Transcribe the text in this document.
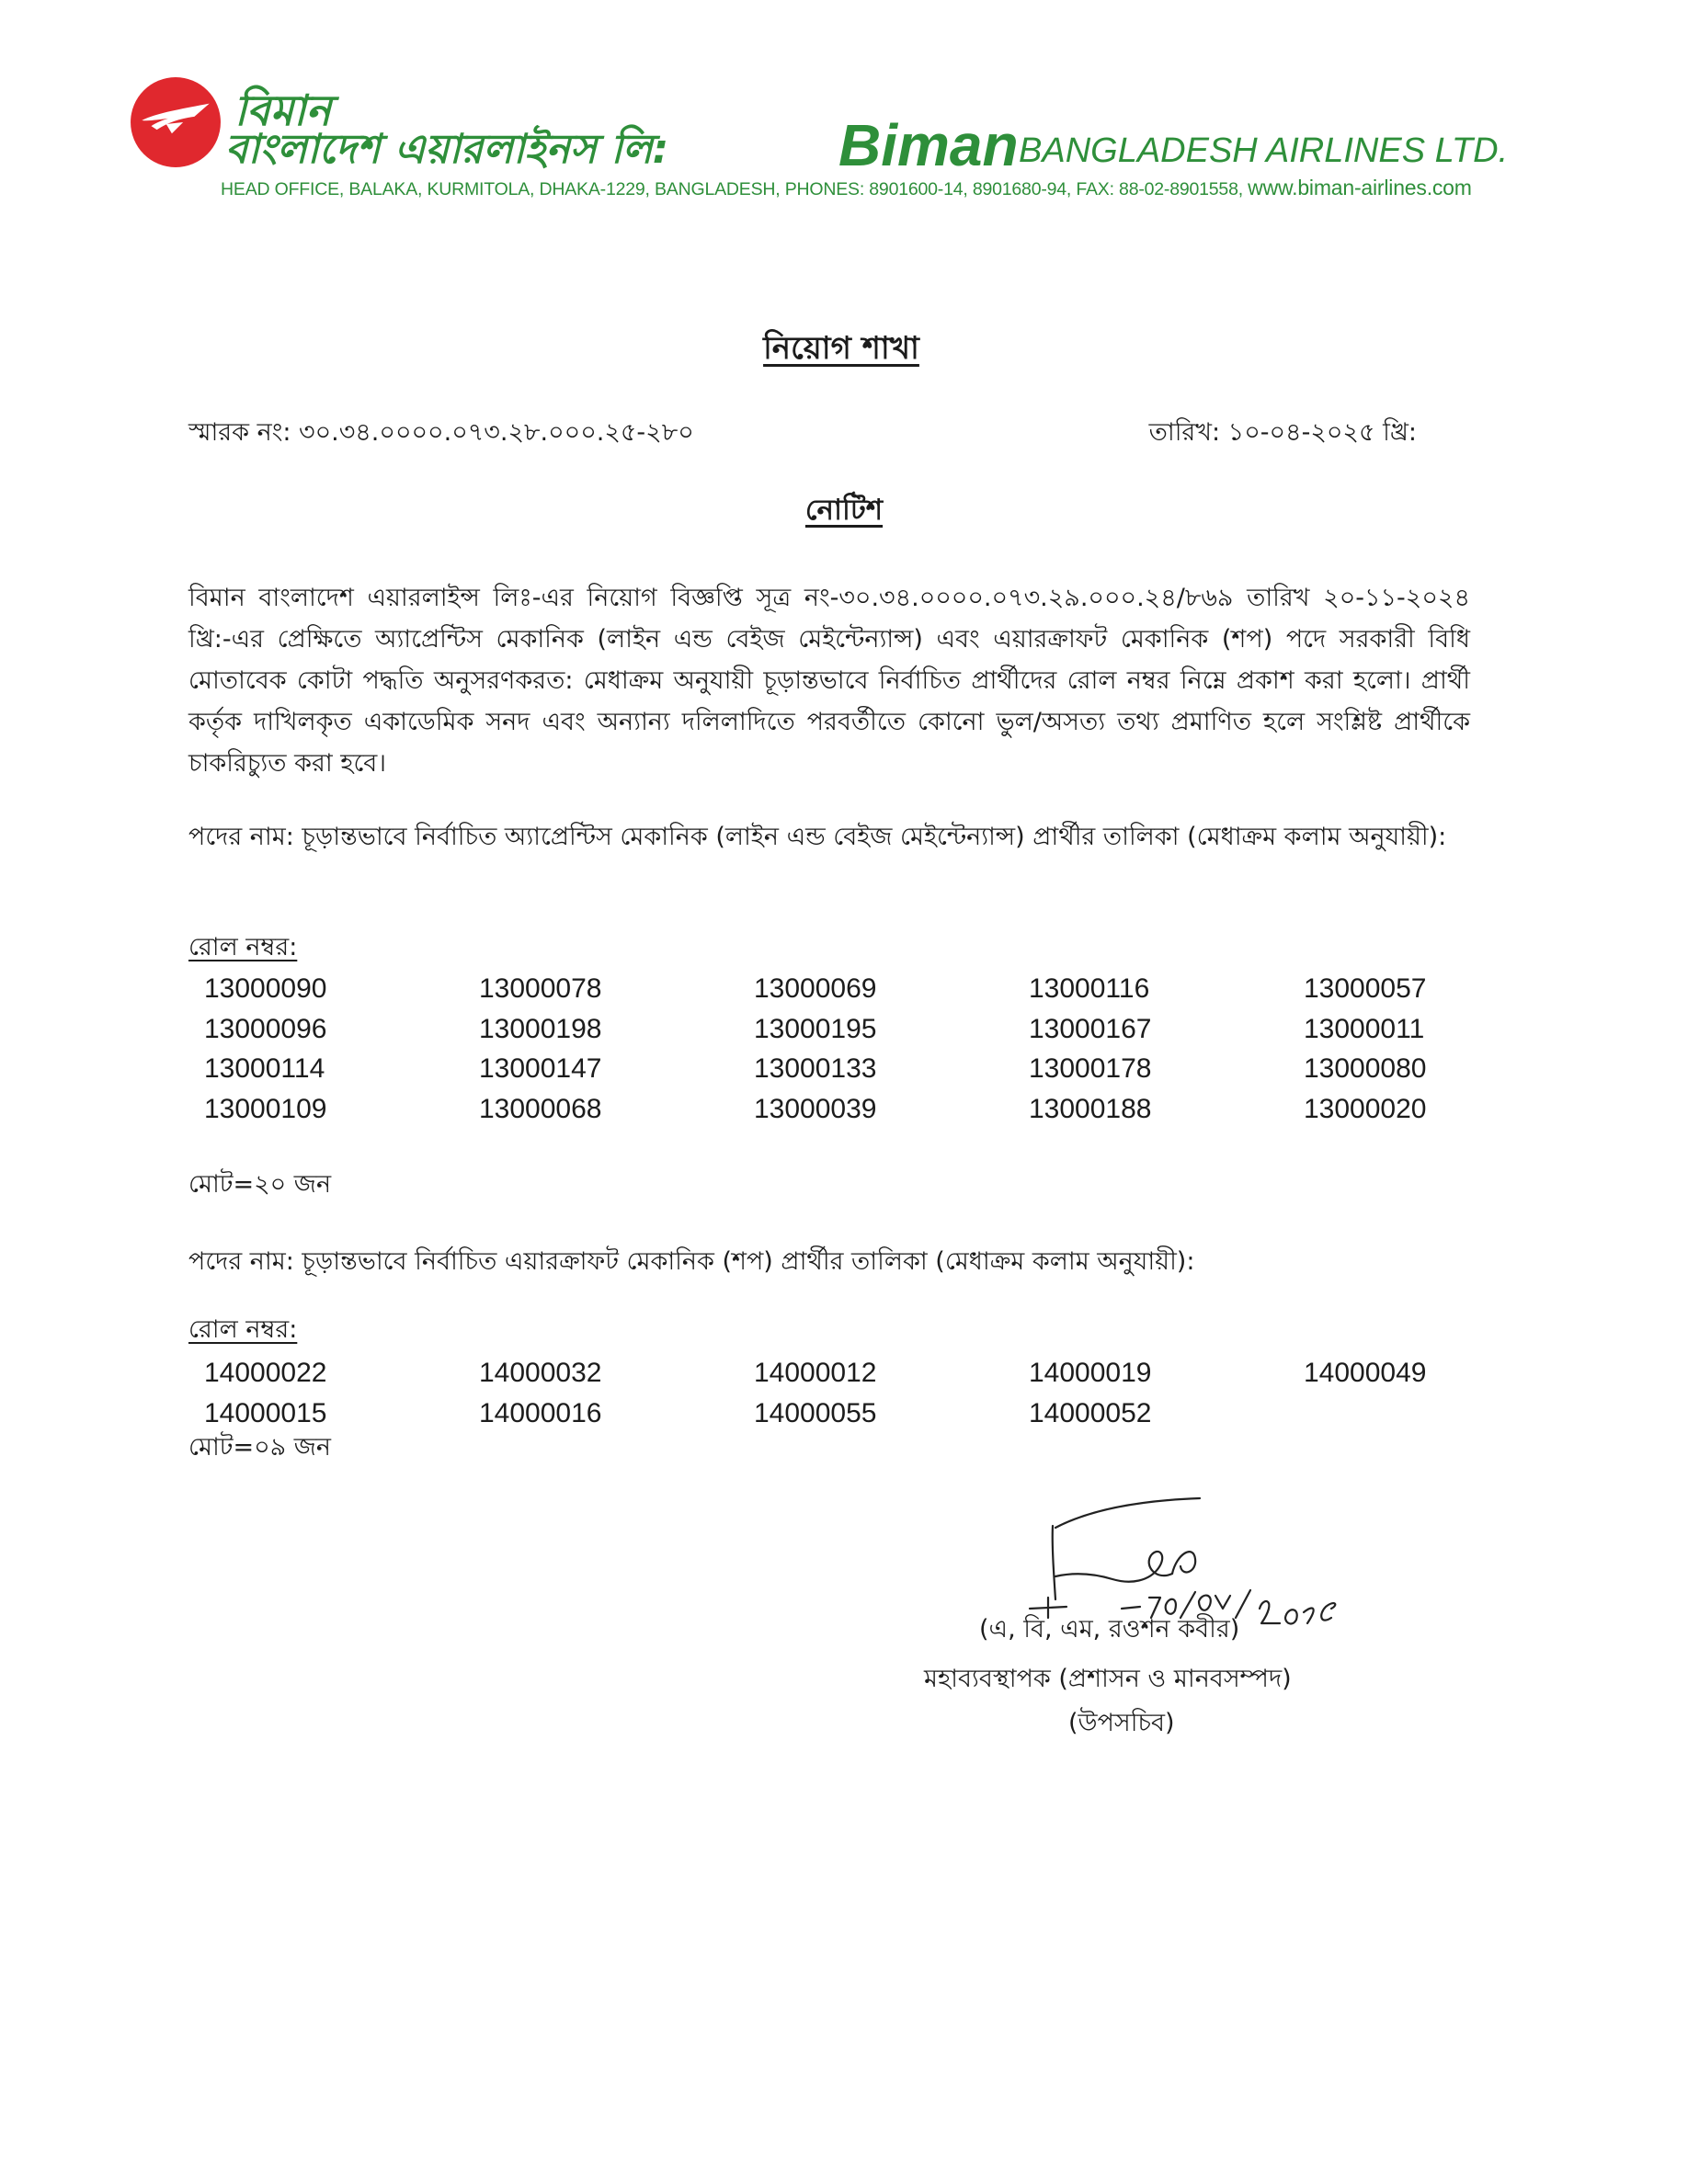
বিমান
বাংলাদেশ এয়ারলাইনস লি:	Biman BANGLADESH AIRLINES LTD.
HEAD OFFICE, BALAKA, KURMITOLA, DHAKA-1229, BANGLADESH, PHONES: 8901600-14, 8901680-94, FAX: 88-02-8901558, www.biman-airlines.com
নিয়োগ শাখা
স্মারক নং: ৩০.৩৪.০০০০.০৭৩.২৮.০০০.২৫-২৮০	তারিখ: ১০-০৪-২০২৫ খ্রি:
নোটিশ
বিমান বাংলাদেশ এয়ারলাইন্স লিঃ-এর নিয়োগ বিজ্ঞপ্তি সূত্র নং-৩০.৩৪.০০০০.০৭৩.২৯.০০০.২৪/৮৬৯ তারিখ ২০-১১-২০২৪ খ্রি:-এর প্রেক্ষিতে অ্যাপ্রেন্টিস মেকানিক (লাইন এন্ড বেইজ মেইন্টেন্যান্স) এবং এয়ারক্রাফট মেকানিক (শপ) পদে সরকারী বিধি মোতাবেক কোটা পদ্ধতি অনুসরণকরত: মেধাক্রম অনুযায়ী চূড়ান্তভাবে নির্বাচিত প্রার্থীদের রোল নম্বর নিম্নে প্রকাশ করা হলো। প্রার্থী কর্তৃক দাখিলকৃত একাডেমিক সনদ এবং অন্যান্য দলিলাদিতে পরবর্তীতে কোনো ভুল/অসত্য তথ্য প্রমাণিত হলে সংশ্লিষ্ট প্রার্থীকে চাকরিচ্যুত করা হবে।
পদের নাম: চূড়ান্তভাবে নির্বাচিত অ্যাপ্রেন্টিস মেকানিক (লাইন এন্ড বেইজ মেইন্টেন্যান্স) প্রার্থীর তালিকা (মেধাক্রম কলাম অনুযায়ী):
রোল নম্বর:
13000090	13000078	13000069	13000116	13000057
13000096	13000198	13000195	13000167	13000011
13000114	13000147	13000133	13000178	13000080
13000109	13000068	13000039	13000188	13000020
মোট=২০ জন
পদের নাম: চূড়ান্তভাবে নির্বাচিত এয়ারক্রাফট মেকানিক (শপ) প্রার্থীর তালিকা (মেধাক্রম কলাম অনুযায়ী):
রোল নম্বর:
14000022	14000032	14000012	14000019	14000049
14000015	14000016	14000055	14000052
মোট=০৯ জন
(এ, বি, এম, রওশন কবীর)
মহাব্যবস্থাপক (প্রশাসন ও মানবসম্পদ)
(উপসচিব)
